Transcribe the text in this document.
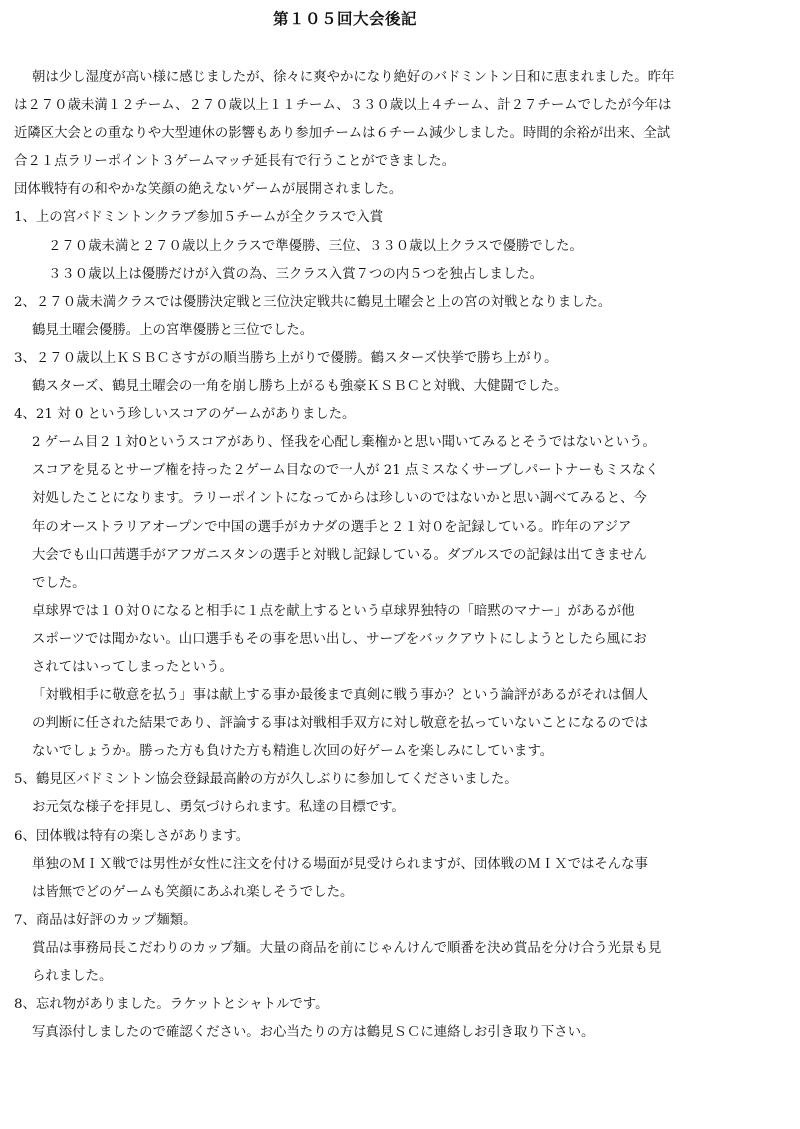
第１０５回大会後記
朝は少し湿度が高い様に感じましたが、徐々に爽やかになり絶好のバドミントン日和に恵まれました。昨年
は２７０歳未満１２チーム、２７０歳以上１１チーム、３３０歳以上４チーム、計２７チームでしたが今年は
近隣区大会との重なりや大型連休の影響もあり参加チームは６チーム減少しました。時間的余裕が出来、全試
合２１点ラリーポイント３ゲームマッチ延長有で行うことができました。
団体戦特有の和やかな笑顔の絶えないゲームが展開されました。
1、上の宮バドミントンクラブ参加５チームが全クラスで入賞
２７０歳未満と２７０歳以上クラスで準優勝、三位、３３０歳以上クラスで優勝でした。
３３０歳以上は優勝だけが入賞の為、三クラス入賞７つの内５つを独占しました。
2、２７０歳未満クラスでは優勝決定戦と三位決定戦共に鶴見土曜会と上の宮の対戦となりました。
鶴見土曜会優勝。上の宮準優勝と三位でした。
3、２７０歳以上ＫＳＢＣさすがの順当勝ち上がりで優勝。鶴スターズ快挙で勝ち上がり。
鶴スターズ、鶴見土曜会の一角を崩し勝ち上がるも強豪ＫＳＢＣと対戦、大健闘でした。
4、21 対 0 という珍しいスコアのゲームがありました。
2 ゲーム目２１対0というスコアがあり、怪我を心配し棄権かと思い聞いてみるとそうではないという。
スコアを見るとサーブ権を持った２ゲーム目なので一人が 21 点ミスなくサーブしパートナーもミスなく
対処したことになります。ラリーポイントになってからは珍しいのではないかと思い調べてみると、今
年のオーストラリアオープンで中国の選手がカナダの選手と２１対０を記録している。昨年のアジア
大会でも山口茜選手がアフガニスタンの選手と対戦し記録している。ダブルスでの記録は出てきません
でした。
卓球界では１０対０になると相手に１点を献上するという卓球界独特の「暗黙のマナー」があるが他
スポーツでは聞かない。山口選手もその事を思い出し、サーブをバックアウトにしようとしたら風にお
されてはいってしまったという。
「対戦相手に敬意を払う」事は献上する事か最後まで真剣に戦う事か？という論評があるがそれは個人
の判断に任された結果であり、評論する事は対戦相手双方に対し敬意を払っていないことになるのでは
ないでしょうか。勝った方も負けた方も精進し次回の好ゲームを楽しみにしています。
5、鶴見区バドミントン協会登録最高齢の方が久しぶりに参加してくださいました。
お元気な様子を拝見し、勇気づけられます。私達の目標です。
6、団体戦は特有の楽しさがあります。
単独のＭＩＸ戦では男性が女性に注文を付ける場面が見受けられますが、団体戦のＭＩＸではそんな事
は皆無でどのゲームも笑顔にあふれ楽しそうでした。
7、商品は好評のカップ麺類。
賞品は事務局長こだわりのカップ麺。大量の商品を前にじゃんけんで順番を決め賞品を分け合う光景も見
られました。
8、忘れ物がありました。ラケットとシャトルです。
写真添付しましたので確認ください。お心当たりの方は鶴見ＳＣに連絡しお引き取り下さい。
